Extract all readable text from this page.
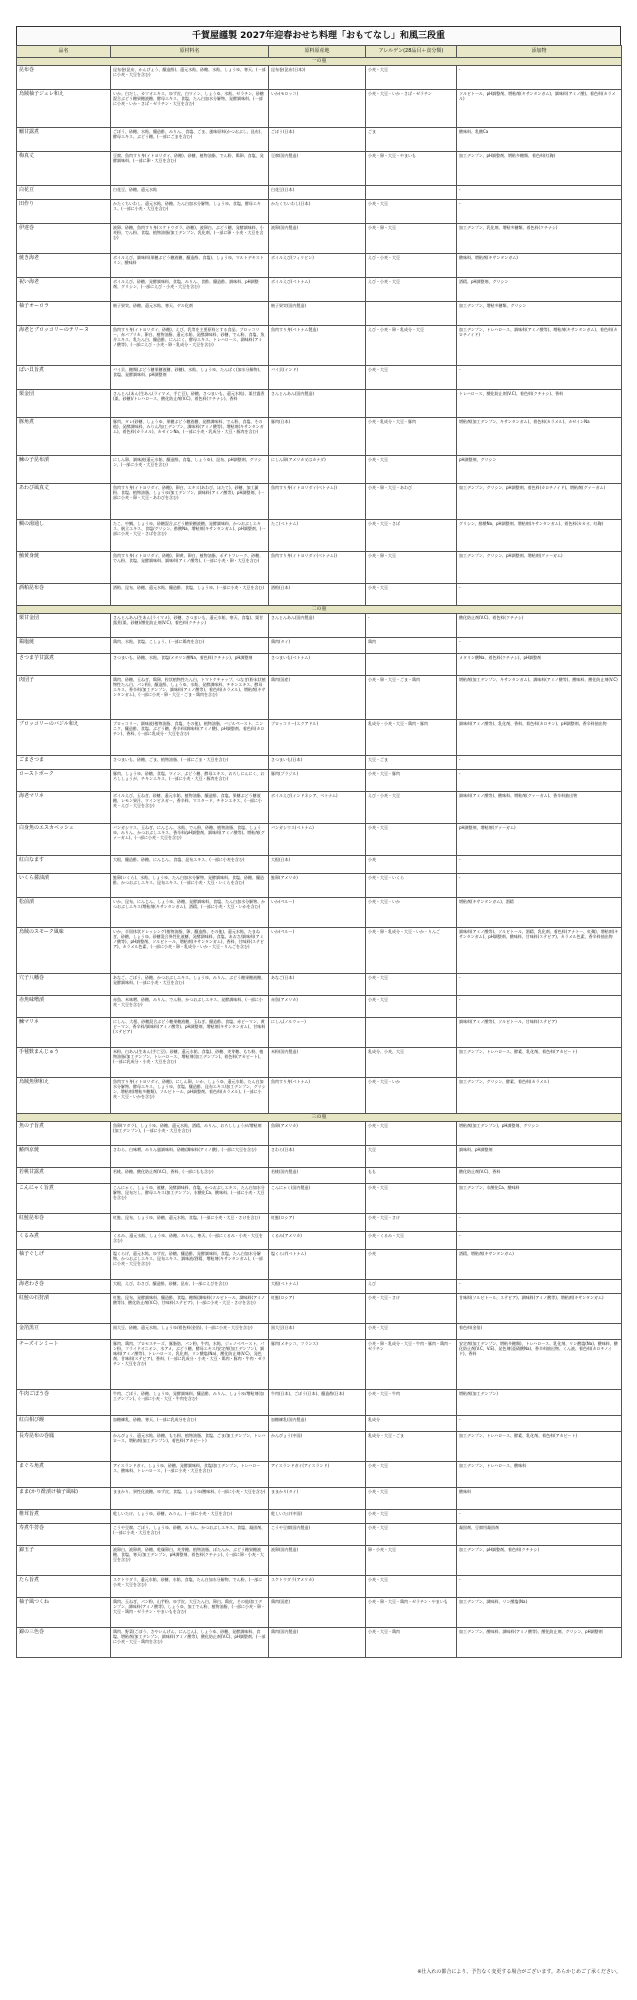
千賀屋謹製 2027年迎春おせち料理「おもてなし」和風三段重
品名	原材料名	原料原産地	アレルゲン(28品目＋食分類)	添加物
一の重				
昆布巻	昆布巻(昆布、かんぴょう、醸造酢)、還元水飴、砂糖、水飴、しょうゆ、寒天、(一部に小麦・大豆を含む)	昆布巻(昆布(日本))	小麦・大豆	-
烏賊柚子ジュレ和え	いか、白だし、カツオエキス、ゆず皮、白ワイン、しょうゆ、水飴、ゼラチン、砂糖混合ぶどう糖果糖液糖、酵母エキス、食塩、たん白加水分解物、発酵調味料、(一部に小麦・いか・さば・ゼラチン・大豆を含む)	いか(モロッコ)	小麦・大豆・いか・さば・ゼラチン	ソルビトール、pH調整剤、増粘剤(キサンタンガム)、調味料(アミノ酸)、着色料(カラメル)
鰯甘露煮	ごぼう、砂糖、水飴、醸造酢、みりん、食塩、ごま、風味原料(かつおぶし、昆布)、酵母エキス、ぶどう糖、(一部にごまを含む)	ごぼう(日本)	ごま	酸味料、乳酸Ca
梅真丈	豆腐、魚肉すり身(イトヨリダイ、砂糖)、砂糖、植物油脂、でん粉、鶏卵、食塩、発酵調味料、(一部に卵・大豆を含む)	豆腐(国内製造)	小麦・卵・大豆・やまいも	加工デンプン、pH調整剤、増粘多糖類、着色料(紅麹)
白花豆	白花豆、砂糖、還元水飴	白花豆(日本)		-
田作り	かたくちいわし、還元水飴、砂糖、たん白加水分解物、しょうゆ、食塩、酵母エキス、(一部に小麦・大豆を含む)	かたくちいわし(日本)	小麦・大豆	-
伊達巻	液卵、砂糖、魚肉すり身(スケトウダラ、砂糖)、液卵白、ぶどう糖、発酵調味料、小麦粉、でん粉、食塩、植物油脂/加工デンプン、乳化剤、(一部に卵・小麦・大豆を含む)	液卵(国内製造)	小麦・卵・大豆	加工デンプン、乳化剤、増粘多糖類、着色料(クチナシ)
焼き海老	ボイルえび、調味料(果糖ぶどう糖液糖、醸造酢、食塩)、しょうゆ、マルトデキストリン、酸味料	ボイルえび(フィリピン)	えび・小麦・大豆	酸味料、増粘剤(キサンタンガム)
祝い海老	ボイルえび、砂糖、発酵調味料、食塩、みりん、食酢、醸造酢、調味料、pH調整剤、グリシン、(一部にえび・小麦・大豆を含む)	ボイルえび(ベトナム)	えび・小麦・大豆	酒精、pH調整剤、グリシン
柚子オーロラ	柚子果実、砂糖、還元水飴、寒天、ゲル化剤	柚子果実(国内製造)		加工デンプン、増粘多糖類、グリシン
海老とブロッコリーのテリーヌ	魚肉すり身(イトヨリダイ、砂糖)、えび、乳等を主要原料とする食品、ブロッコリー、赤パプリカ、卵白、植物油脂、還元水飴、発酵調味料、砂糖、でん粉、食塩、魚介エキス、乳たん白、醸造酢、にんにく、酵母エキス、トレハロース、調味料(アミノ酸等)、(一部にえび・小麦・卵・乳成分・大豆を含む)	魚肉すり身(ベトナム製造)	えび・小麦・卵・乳成分・大豆	加工デンプン、トレハロース、調味料(アミノ酸等)、増粘剤(キサンタンガム)、着色料(カロチノイド)
ばい貝旨煮	バイ貝、糖類(ぶどう糖果糖液糖、砂糖)、水飴、しょうゆ、たんぱく(加水分解物)、食塩、発酵調味料、pH調整剤	バイ貝(インド)	小麦・大豆	-
栗金団	さんとん(あん(生あん(ライマメ、手亡豆)、砂糖、さつまいも、還元水飴)、栗甘露煮(栗、砂糖)/トレハロース、酸化防止剤(V.C)、着色料(クチナシ)、香料	さんとんあん(国内製造)		トレハロース、酸化防止剤(V.C)、着色料(クチナシ)、香料
豚角煮	豚肉、タレ(砂糖、しょうゆ、果糖ぶどう糖液糖、発酵調味料、でん粉、食塩、その他)、発酵調味料、みりん/加工デンプン、調味料(アミノ酸等)、増粘剤(キサンタンガム)、着色料(カラメル)、カゼインNa、(一部に小麦・乳成分・大豆・豚肉を含む)	豚肉(日本)	小麦・乳成分・大豆・豚肉	増粘剤(加工デンプン、キサンタンガム)、着色料(カラメル)、カゼインNa
鰊の子昆布漬	にしん卵、調味液(還元水飴、醸造酢、食塩、しょうゆ)、昆布、pH調整剤、グリシン、(一部に小麦・大豆を含む)	にしん卵(アメリカ又はカナダ)	小麦・大豆	pH調整剤、グリシン
あわび風真丈	魚肉すり身(イトヨリダイ、砂糖)、卵白、エキス(あわび、ほたて)、砂糖、加工澱粉、食塩、植物油脂、しょうゆ/加工デンプン、調味料(アミノ酸等)、pH調整剤、(一部に小麦・卵・大豆・あわびを含む)	魚肉すり身(イトヨリダイ(ベトナム))	小麦・卵・大豆・あわび	加工デンプン、グリシン、pH調整剤、着色料(カロチノイド)、増粘剤(グァーガム)
鯛の湯通し	たこ、中鯛、しょうゆ、砂糖混合ぶどう糖果糖液糖、発酵調味料、かつおぶしエキス、帆立エキス、食塩/グリシン、酢酸Na、増粘剤(キサンタンガム)、pH調整剤、(一部に小麦・大豆・さばを含む)	たこ(ベトナム)	小麦・大豆・さば	グリシン、酢酸Na、pH調整剤、増粘剤(キサンタンガム)、着色料(カカオ、紅麹)
鮪黄身焼	魚肉すり身(イトヨリダイ、砂糖)、卵黄、卵白、植物油脂、ポテトフレーク、砂糖、でん粉、食塩、発酵調味料、調味料(アミノ酸等)、(一部に小麦・卵・大豆を含む)	魚肉すり身(イトヨリダイ(ベトナム))	小麦・卵・大豆	加工デンプン、グリシン、pH調整剤、増粘剤(グァーガム)
酒粕昆布巻	酒粕、昆布、砂糖、還元水飴、醸造酢、食塩、しょうゆ、(一部に小麦・大豆を含む)	酒粕(日本)	小麦・大豆	-
二の重				
栗甘金団	さんとんあん(生あん(ライマメ)、砂糖、さつまいも、還元水飴、寒天、食塩)、栗甘露煮(栗、砂糖)/酸化防止剤(V.C)、着色料(クチナシ)	さんとんあん(国内製造)	-	酸化防止剤(V.C)、着色料(クチナシ)
鶏塩焼	鶏肉、水飴、食塩、こしょう、(一部に鶏肉を含む)	鶏肉(タイ)	鶏肉	-
さつま芋甘露煮	さつまいも、砂糖、水飴、食塩/メタリン酸Na、着色料(クチナシ)、pH調整剤	さつまいも(ベトナム)		メタリン酸Na、着色料(クチナシ)、pH調整剤
肉団子	鶏肉、砂糖、玉ねぎ、鶏卵、粒状植物性たん白、トマトケチャップ、つなぎ(粉末状植物性たん白、パン粉)、醸造酢、しょうゆ、水飴、発酵調味料、チキンエキス、酵母エキス、香辛料/加工デンプン、調味料(アミノ酸等)、着色料(カラメル)、増粘剤(キサンタンガム)、(一部に小麦・卵・大豆・ごま・鶏肉を含む)	鶏肉(国産)	小麦・卵・大豆・ごま・鶏肉	増粘剤(加工デンプン、キサンタンガム)、調味料(アミノ酸等)、酸味料、酸化防止剤(V.C)
ブロッコリーのバジル和え	ブロッコリー、調味液(植物油脂、食塩、その他)、植物油脂、バジルペースト、ニンニク、醸造酢、食塩、ぶどう糖、香辛料/調味料(アミノ酸)、pH調整剤、着色料(カロチン)、香料、(一部に乳成分・大豆を含む)	ブロッコリー(エクアドル)	乳成分・小麦・大豆・鶏肉・豚肉	調味料(アミノ酸等)、乳化剤、香料、着色料(カロチン)、pH調整剤、香辛料抽出物
ごまさつま	さつまいも、砂糖、ごま、植物油脂、(一部にごま・大豆を含む)	さつまいも(日本)	大豆・ごま	-
ローストポーク	豚肉、しょうゆ、砂糖、食塩、ワイン、ぶどう糖、酵母エキス、おろしにんにく、おろししょうが、チキンエキス、(一部に小麦・大豆・豚肉を含む)	豚肉(ブラジル)	小麦・大豆・豚肉	-
海老マリネ	ボイルえび、玉ねぎ、砂糖、還元水飴、植物油脂、醸造酢、食塩、果糖ぶどう糖液糖、レモン果汁、ワインビネガー、香辛料、マスタード、チキンエキス、(一部に小麦・えび・大豆を含む)	ボイルえび(インドネシア、ベトナム)	えび・小麦・大豆	調味料(アミノ酸等)、酸味料、増粘剤(グァーガム)、香辛料抽出物
白身魚のエスカベッシュ	バンガシウス、玉ねぎ、にんじん、水飴、でん粉、砂糖、植物油脂、食塩、しょうゆ、みりん、かつおぶしエキス、香辛料/pH調整剤、調味料(アミノ酸等)、増粘剤(グァーガム)、(一部に小麦・大豆を含む)	バンガシウス(ベトナム)	小麦・大豆	pH調整剤、増粘剤(グァーガム)
紅白なます	大根、醸造酢、砂糖、にんじん、食塩、昆布エキス、(一部に小麦を含む)	大根(日本)	小麦	-
いくら醤油漬	鮭卵(いくら)、水飴、しょうゆ、たん白加水分解物、発酵調味料、食塩、砂糖、醸造酢、かつおぶしエキス、昆布エキス、(一部に小麦・大豆・いくらを含む)	鮭卵(アメリカ)	小麦・大豆・いくら	-
松前漬	いか、昆布、にんじん、しょうゆ、砂糖、発酵調味料、食塩、たん白加水分解物、かつおぶしエキス/増粘剤(キサンタンガム)、酒精、(一部に小麦・大豆・いかを含む)	いか(ペルー)	小麦・大豆・いか	増粘剤(キサンタンガム)、酒精
烏賊のスモーク風味	いか、半固体状ドレッシング(植物油脂、卵、醸造酢、その他)、還元水飴、たまねぎ、砂糖、しょうゆ、砂糖混合異性化液糖、発酵調味料、食塩、あおさ/調味料(アミノ酸等)、pH調整剤、ソルビトール、増粘剤(キサンタンガム)、香料、甘味料(ステビア)、カラメル色素、(一部に小麦・卵・乳成分・いか・大豆・りんごを含む)	いか(ペルー)	小麦・卵・乳成分・大豆・いか・りんご	調味料(アミノ酸等)、ソルビトール、酒精、乳化剤、着色料(アナトー、紅麹)、増粘剤(キサンタンガム)、pH調整剤、酸味料、甘味料(ステビア)、カラメル色素、香辛料抽出物
穴子八幡巻	あなご、ごぼう、砂糖、かつおぶしエキス、しょうゆ、みりん、ぶどう糖果糖液糖、発酵調味料、(一部に小麦・大豆を含む)	あなご(日本)	小麦・大豆	-
赤魚味噌漬	赤魚、米味噌、砂糖、みりん、でん粉、かつおぶしエキス、発酵調味料、(一部に小麦・大豆を含む)	赤魚(アメリカ)	小麦・大豆	-
鰊マリネ	にしん、大根、砂糖混合ぶどう糖果糖液糖、玉ねぎ、醸造酢、食塩、赤ピーマン、黄ピーマン、香辛料/調味料(アミノ酸等)、pH調整剤、増粘剤(キサンタンガム)、甘味料(ステビア)	にしん(ノルウェー)		調味料(アミノ酸等)、ソルビトール、甘味料(ステビア)
手毬麩まんじゅう	米粉、白あん(生あん(手亡豆)、砂糖、還元水飴、食塩)、砂糖、麦芽糖、もち粉、植物油脂/加工デンプン、トレハロース、増粘剤(加工デンプン)、着色料(アカビート)、(一部に乳成分・小麦・大豆を含む)	米粉(国内製造)	乳成分、小麦、大豆	加工デンプン、トレハロース、酵素、乳化剤、着色料(アカビート)
烏賊魚卵和え	魚肉すり身(イトヨリダイ、砂糖)、にしん卵、いか、しょうゆ、還元水飴、たん白加水分解物、酵母エキス、しょうゆ、食塩、醸造酢、昆布エキス/加工デンプン、グリシン、増粘剤(増粘多糖類)、ソルビトール、pH調整剤、着色料(カラメル)、(一部に小麦・大豆・いかを含む)	魚肉すり身(ベトナム)	小麦・大豆・いか	加工デンプン、グリシン、酵素、着色料(カラメル)
三の重				
魚の子旨煮	魚卵(マダラ)、しょうゆ、砂糖、還元水飴、酒精、みりん、おろししょうが/増粘剤(加工デンプン)、(一部に小麦・大豆を含む)	魚卵(アメリカ)	小麦・大豆	増粘剤(加工デンプン)、pH調整剤、グリシン
鰆西京焼	さわら、白味噌、みりん風調味料、砂糖/調味料(アミノ酸)、(一部に大豆を含む)	さわら(日本)	大豆	調味料、pH調整剤
若桃甘露煮	若桃、砂糖、酸化防止剤(V.C)、香料、(一部にもも含む)	若桃(国内製造)	もも	酸化防止剤(V.C)、香料
こんにゃく旨煮	こんにゃく、しょうゆ、液糖、発酵調味料、食塩、かつおぶしエキス、たん白加水分解物、昆布だし、酵母エキス/加工デンプン、水酸化Ca、酸味料、(一部に小麦・大豆を含む)	こんにゃく(国内製造)	小麦・大豆	加工デンプン、水酸化Ca、酸味料
紅鮭昆布巻	紅鮭、昆布、しょうゆ、砂糖、還元水飴、食塩、(一部に小麦・大豆・さけを含む)	紅鮭(ロシア)	小麦・大豆・さけ	-
くるみ煮	くるみ、還元水飴、しょうゆ、砂糖、みりん、寒天、(一部にくるみ・小麦・大豆を含む)	くるみ(アメリカ)	小麦・くるみ・大豆	-
柚子ぐしげ	塩くらげ、還元水飴、ゆず皮、砂糖、醸造酢、発酵調味料、食塩、たん白加水分解物、かつおぶしエキス、昆布エキス、調味液/酒精、増粘剤(キサンタンガム)、(一部に小麦・大豆を含む)	塩くらげ(ベトナム)	小麦	酒精、増粘剤(キサンタンガム)
海老わさ巻	大根、えび、わさび、醸造酢、砂糖、昆布、(一部にえびを含む)	大根(ベトナム)	えび	-
紅鮭の石狩漬	紅鮭、昆布、発酵調味料、醸造酢、食塩、糖類/調味料(ソルビトール、調味料(アミノ酸等))、酸化防止剤(V.C)、甘味料(ステビア)、(一部に小麦・大豆・さけを含む)	紅鮭(ロシア)	小麦・大豆・さけ	甘味料(ソルビトール、ステビア)、調味料(アミノ酸等)、増粘剤(キサンタンガム)
金箔黒豆	黒大豆、砂糖、還元水飴、しょうゆ/着色料(金箔)、(一部に小麦・大豆を含む)	黒大豆(日本)	小麦・大豆	着色料(金箔)
チーズインミート	豚肉、鶏肉、プロセスチーズ、豚脂肪、パン粉、牛肉、水飴、ジェノベペースト、パン粉、フライドオニオン、水アメ、ぶどう糖、酵母エキス/安定剤(加工デンプン)、調味料(アミノ酸等)、トレハロース、乳化剤、リン酸塩(Na)、酸化防止剤(V.C)、発色剤、甘味料(ステビア)、香料、(一部に乳成分・小麦・大豆・鶏肉・豚肉・牛肉・ゼラチン・大豆を含む)	豚肉(メキシコ、フランス)	小麦・卵・乳成分・大豆・牛肉・豚肉・鶏肉・ゼラチン	安定剤(加工デンプン、増粘多糖類)、トレハロース、乳化剤、リン酸塩(Na)、酸味料、酸化防止剤(V.C、V.E)、発色剤(亜硝酸Na)、香辛料抽出物、くん液、着色料(カロチノイド)、香料
牛肉ごぼう巻	牛肉、ごぼう、砂糖、しょうゆ、発酵調味料、醸造酢、みりん、しょうゆ/増粘剤(加工デンプン)、(一部に小麦・大豆・牛肉を含む)	牛肉(日本)、ごぼう(日本)、醸造酢(日本)	小麦・大豆・牛肉	増粘剤(加工デンプン)
紅白相び饅	加糖練乳、砂糖、寒天、(一部に乳成分を含む)	加糖練乳(国内製造)	乳成分	-
長寿昆布の巻鳳	かんぴょう、還元水飴、砂糖、もち粉、植物油脂、食塩、ごま/加工デンプン、トレハロース、増粘剤(加工デンプン)、着色料(アカビート)	かんぴょう(中国)	乳成分・大豆・ごま	加工デンプン、トレハロース、酵素、乳化剤、着色料(アカビート)
まぐろ角煮	アイスランドガイ、しょうゆ、砂糖、発酵調味料、食塩/加工デンプン、トレハロース、酸味料、トレハロース、(一部に小麦・大豆を含む)	アイスランドガイ(アイスランド)	小麦・大豆	加工デンプン、トレハロース、酸味料
まま(かり酢漬け柚子風味)	ままかり、異性化液糖、ゆず皮、食塩、しょうゆ/酸味料、(一部に小麦・大豆を含む)	ままかり(タイ)	小麦・大豆	酸味料
椎茸旨煮	乾しいたけ、しょうゆ、砂糖、みりん、(一部に小麦・大豆を含む)	乾しいたけ(中国)	小麦・大豆	-
寿煮牛蒡巻	こうや豆腐、ごぼう、しょうゆ、砂糖、みりん、かつおぶしエキス、食塩、凝固剤、(一部に小麦・大豆を含む)	こうや豆腐(国内製造)	小麦・大豆	凝固剤、豆腐用凝固剤
錦玉子	液卵白、液卵黄、砂糖、乾燥卵白、麦芽糖、植物油脂、ぼたんか、ぶどう糖果糖液糖、食塩、寒天/加工デンプン、pH調整剤、着色料(クチナシ)、(一部に卵・小麦・大豆を含む)	液卵(国内製造)	卵・小麦・大豆	加工デンプン、pH調整剤、着色料(クチナシ)
たら旨煮	スケトウダラ、還元水飴、砂糖、水飴、食塩、たん白加水分解物、でん粉、(一部に小麦・大豆を含む)	スケトウダラ(アメリカ)	小麦・大豆	-
柚子風つくね	鶏肉、玉ねぎ、パン粉、山芋粉、ゆず皮、大豆たん白、卵白、鶏皮、その他/加工デンプン、調味料(アミノ酸等)、しょうゆ、加工でん粉、植物油脂、(一部に小麦・卵・大豆・鶏肉・ゼラチン・やまいもを含む)	鶏肉(国産)	小麦・卵・大豆・鶏肉・ゼラチン・やまいも	加工デンプン、調味料、リン酸塩(Na)
錦の三色巻	鶏肉、野菜(ごぼう、さやいんげん、にんじん)、しょうゆ、砂糖、発酵調味料、食塩、増粘剤/加工デンプン、調味料(アミノ酸等)、酸化防止剤(V.C)、pH調整剤、(一部に小麦・大豆・鶏肉を含む)	鶏肉(国内製造)	小麦・大豆・鶏肉	加工デンプン、酸味料、調味料(アミノ酸等)、酸化防止剤、グリシン、pH調整剤
※仕入れの都合により、予告なく変更する場合がございます。あらかじめご了承ください。
